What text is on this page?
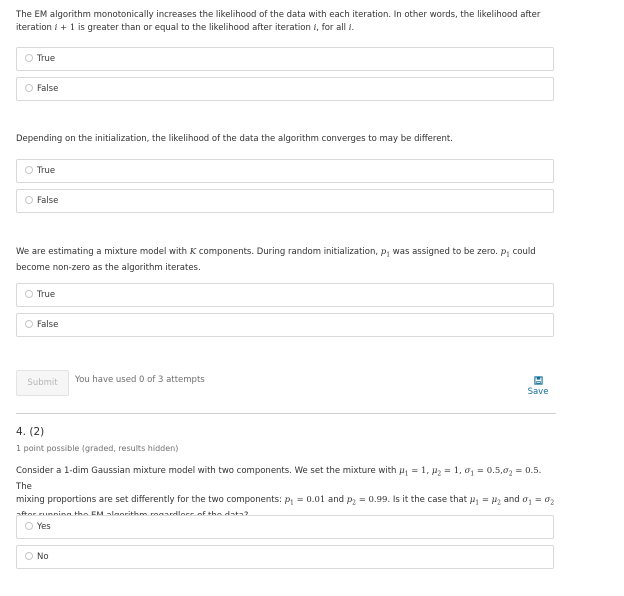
The EM algorithm monotonically increases the likelihood of the data with each iteration. In other words, the likelihood after
iteration i + 1 is greater than or equal to the likelihood after iteration i, for all i.
True
False
Depending on the initialization, the likelihood of the data the algorithm converges to may be different.
True
False
We are estimating a mixture model with K components. During random initialization, $p_1$ was assigned to be zero. $p_1$ could
become non-zero as the algorithm iterates.
True
False
Submit	You have used 0 of 3 attempts
Save
4. (2)
1 point possible (graded, results hidden)
Consider a 1-dim Gaussian mixture model with two components. We set the mixture with $\mu_1 = 1$, $\mu_2 = 1$, $\sigma_1 = 0.5,\sigma_2 = 0.5$. The
mixing proportions are set differently for the two components: $p_1 = 0.01$ and $p_2 = 0.99$. Is it the case that $\mu_1 = \mu_2$ and $\sigma_1 = \sigma_2$
Yes
No
